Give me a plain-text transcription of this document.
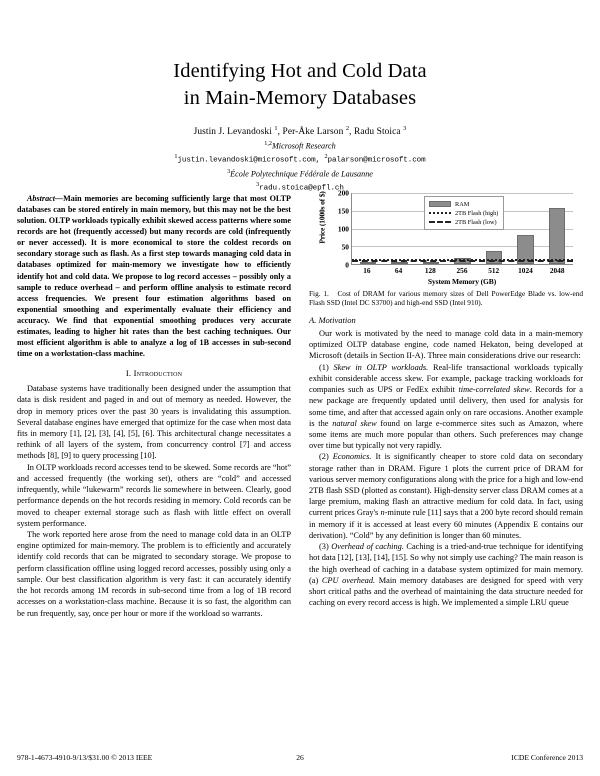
Identifying Hot and Cold Data
in Main-Memory Databases
Justin J. Levandoski $^1$, Per-Åke Larson $^2$, Radu Stoica $^3$
$^{1,2}$Microsoft Research
$^1$justin.levandoski@microsoft.com, $^2$palarson@microsoft.com
$^3$École Polytechnique Fédérale de Lausanne
$^3$radu.stoica@epfl.ch

Abstract—Main memories are becoming sufficiently large that most OLTP databases can be stored entirely in main memory, but this may not be the best solution. OLTP workloads typically exhibit skewed access patterns where some records are hot (frequently accessed) but many records are cold (infrequently or never accessed). It is more economical to store the coldest records on secondary storage such as flash. As a first step towards managing cold data in databases optimized for main-memory we investigate how to efficiently identify hot and cold data. We propose to log record accesses – possibly only a sample to reduce overhead – and perform offline analysis to estimate record access frequencies. We present four estimation algorithms based on exponential smoothing and experimentally evaluate their efficiency and accuracy. We find that exponential smoothing produces very accurate estimates, leading to higher hit rates than the best caching techniques. Our most efficient algorithm is able to analyze a log of 1B accesses in sub-second time on a workstation-class machine.

I. Introduction

Database systems have traditionally been designed under the assumption that data is disk resident and paged in and out of memory as needed. However, the drop in memory prices over the past 30 years is invalidating this assumption. Several database engines have emerged that optimize for the case when most data fits in memory [1], [2], [3], [4], [5], [6]. This architectural change necessitates a rethink of all layers of the system, from concurrency control [7] and access methods [8], [9] to query processing [10].

In OLTP workloads record accesses tend to be skewed. Some records are “hot” and accessed frequently (the working set), others are “cold” and accessed infrequently, while “lukewarm” records lie somewhere in between. Clearly, good performance depends on the hot records residing in memory. Cold records can be moved to cheaper external storage such as flash with little effect on overall system performance.

The work reported here arose from the need to manage cold data in an OLTP engine optimized for main-memory. The problem is to efficiently and accurately identify cold records that can be migrated to secondary storage. We propose to perform classification offline using logged record accesses, possibly using only a sample. Our best classification algorithm is very fast: it can accurately identify the hot records among 1M records in sub-second time from a log of 1B record accesses on a workstation-class machine. Because it is so fast, the algorithm can be run frequently, say, once per hour or more if the workload so warrants.

Price (1000s of $) 200
150
100
50
0
RAM
2TB Flash (high)
2TB Flash (low)
16	64	128	256	512	1024	2048
System Memory (GB)
Fig. 1. Cost of DRAM for various memory sizes of Dell PowerEdge Blade vs. low-end Flash SSD (Intel DC S3700) and high-end SSD (Intel 910).
A. Motivation

Our work is motivated by the need to manage cold data in a main-memory optimized OLTP database engine, code named Hekaton, being developed at Microsoft (details in Section II-A). Three main considerations drive our research:

(1) Skew in OLTP workloads. Real-life transactional workloads typically exhibit considerable access skew. For example, package tracking workloads for companies such as UPS or FedEx exhibit time-correlated skew. Records for a new package are frequently updated until delivery, then used for analysis for some time, and after that accessed again only on rare occasions. Another example is the natural skew found on large e-commerce sites such as Amazon, where some items are much more popular than others. Such preferences may change over time but typically not very rapidly.

(2) Economics. It is significantly cheaper to store cold data on secondary storage rather than in DRAM. Figure 1 plots the current price of DRAM for various server memory configurations along with the price for a high and low-end 2TB flash SSD (plotted as constant). High-density server class DRAM comes at a large premium, making flash an attractive medium for cold data. In fact, using current prices Gray's n-minute rule [11] says that a 200 byte record should remain in memory if it is accessed at least every 60 minutes (Appendix E contains our derivation). “Cold” by any definition is longer than 60 minutes.

(3) Overhead of caching. Caching is a tried-and-true technique for identifying hot data [12], [13], [14], [15]. So why not simply use caching? The main reason is the high overhead of caching in a database system optimized for main memory. (a) CPU overhead. Main memory databases are designed for speed with very short critical paths and the overhead of maintaining the data structure needed for caching on every record access is high. We implemented a simple LRU queue

978-1-4673-4910-9/13/$31.00 © 2013 IEEE	26	ICDE Conference 2013
